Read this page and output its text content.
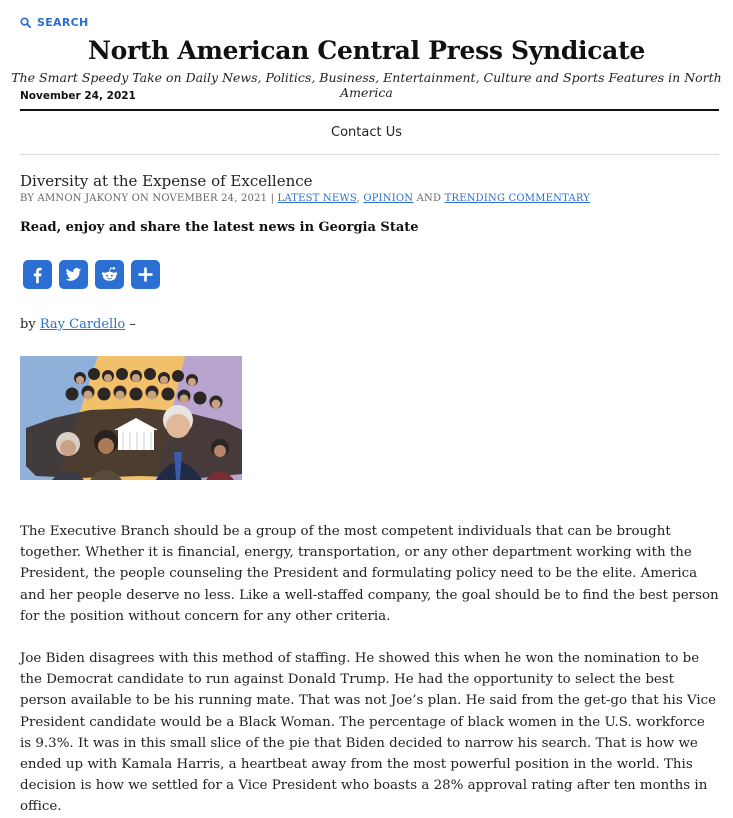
SEARCH
North American Central Press Syndicate
The Smart Speedy Take on Daily News, Politics, Business, Entertainment, Culture and Sports Features in North America
November 24, 2021
Contact Us
Diversity at the Expense of Excellence
BY AMNON JAKONY ON NOVEMBER 24, 2021 | LATEST NEWS, OPINION AND TRENDING COMMENTARY
Read, enjoy and share the latest news in Georgia State
by Ray Cardello –

The Executive Branch should be a group of the most competent individuals that can be brought together. Whether it is financial, energy, transportation, or any other department working with the President, the people counseling the President and formulating policy need to be the elite. America and her people deserve no less. Like a well-staffed company, the goal should be to find the best person for the position without concern for any other criteria.

Joe Biden disagrees with this method of staffing. He showed this when he won the nomination to be the Democrat candidate to run against Donald Trump. He had the opportunity to select the best person available to be his running mate. That was not Joe’s plan. He said from the get-go that his Vice President candidate would be a Black Woman. The percentage of black women in the U.S. workforce is 9.3%. It was in this small slice of the pie that Biden decided to narrow his search. That is how we ended up with Kamala Harris, a heartbeat away from the most powerful position in the world. This decision is how we settled for a Vice President who boasts a 28% approval rating after ten months in office.
